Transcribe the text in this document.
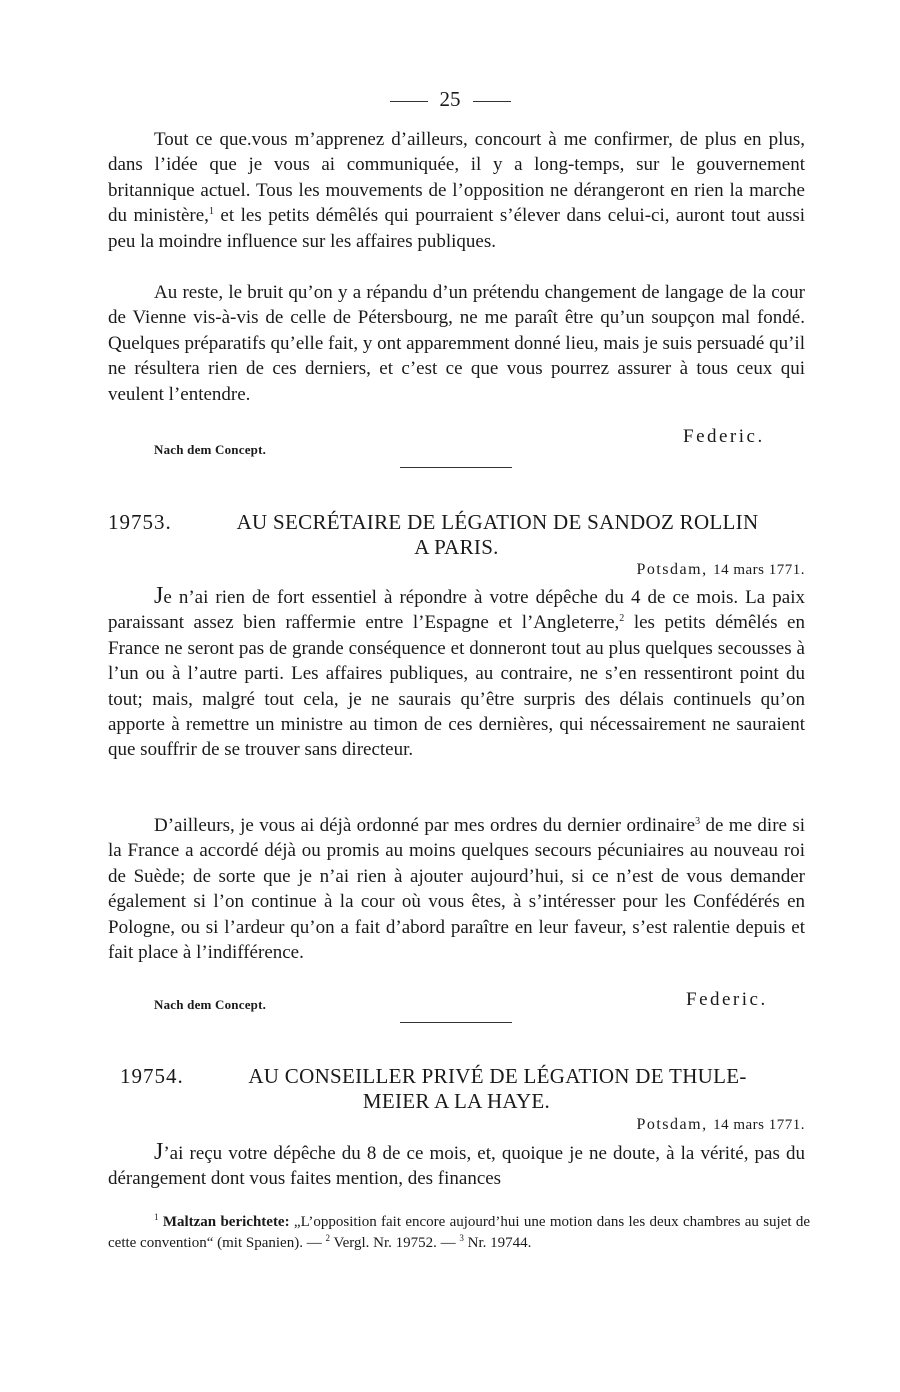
25

Tout ce que.vous m’apprenez d’ailleurs, concourt à me confirmer, de plus en plus, dans l’idée que je vous ai communiquée, il y a long-temps, sur le gouvernement britannique actuel. Tous les mouvements de l’opposition ne dérangeront en rien la marche du ministère,$^1$ et les petits démêlés qui pourraient s’élever dans celui-ci, auront tout aussi peu la moindre influence sur les affaires publiques.

Au reste, le bruit qu’on y a répandu d’un prétendu changement de langage de la cour de Vienne vis-à-vis de celle de Pétersbourg, ne me paraît être qu’un soupçon mal fondé. Quelques préparatifs qu’elle fait, y ont apparemment donné lieu, mais je suis persuadé qu’il ne résultera rien de ces derniers, et c’est ce que vous pourrez assurer à tous ceux qui veulent l’entendre.

Nach dem Concept.
Federic.
19753.	AU SECRÉTAIRE DE LÉGATION DE SANDOZ ROLLIN
A PARIS.
Potsdam, 14 mars 1771.

Je n’ai rien de fort essentiel à répondre à votre dépêche du 4 de ce mois. La paix paraissant assez bien raffermie entre l’Espagne et l’Angleterre,$^2$ les petits démêlés en France ne seront pas de grande conséquence et donneront tout au plus quelques secousses à l’un ou à l’autre parti. Les affaires publiques, au contraire, ne s’en ressentiront point du tout; mais, malgré tout cela, je ne saurais qu’être surpris des délais continuels qu’on apporte à remettre un ministre au timon de ces dernières, qui nécessairement ne sauraient que souffrir de se trouver sans directeur.

D’ailleurs, je vous ai déjà ordonné par mes ordres du dernier ordinaire$^3$ de me dire si la France a accordé déjà ou promis au moins quelques secours pécuniaires au nouveau roi de Suède; de sorte que je n’ai rien à ajouter aujourd’hui, si ce n’est de vous demander également si l’on continue à la cour où vous êtes, à s’intéresser pour les Confédérés en Pologne, ou si l’ardeur qu’on a fait d’abord paraître en leur faveur, s’est ralentie depuis et fait place à l’indifférence.

Nach dem Concept.	Federic.
19754.	AU CONSEILLER PRIVÉ DE LÉGATION DE THULE-
MEIER A LA HAYE.
Potsdam, 14 mars 1771.

J’ai reçu votre dépêche du 8 de ce mois, et, quoique je ne doute, à la vérité, pas du dérangement dont vous faites mention, des finances

$^1$ Maltzan berichtete: „L’opposition fait encore aujourd’hui une motion dans les deux chambres au sujet de cette convention“ (mit Spanien). — $^2$ Vergl. Nr. 19752. — $^3$ Nr. 19744.
